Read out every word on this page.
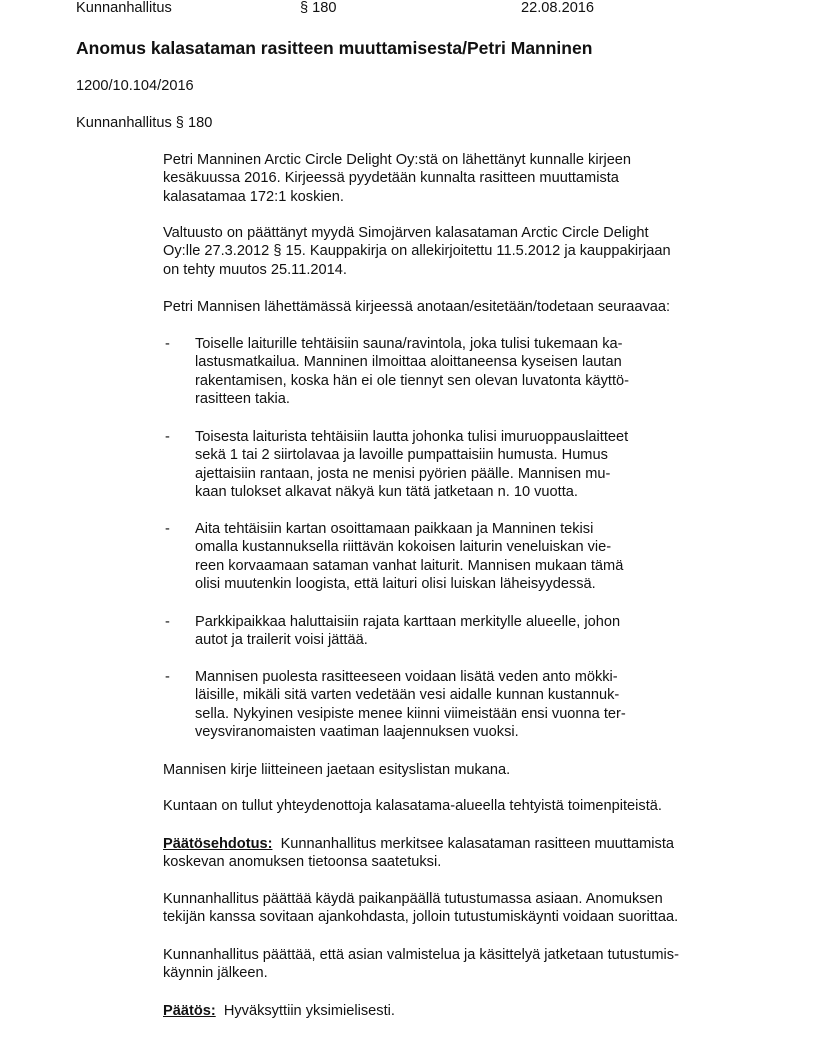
Kunnanhallitus	§ 180	22.08.2016
Anomus kalasataman rasitteen muuttamisesta/Petri Manninen
1200/10.104/2016
Kunnanhallitus § 180
Petri Manninen Arctic Circle Delight Oy:stä on lähettänyt kunnalle kirjeen
kesäkuussa 2016. Kirjeessä pyydetään kunnalta rasitteen muuttamista
kalasatamaa 172:1 koskien.
Valtuusto on päättänyt myydä Simojärven kalasataman Arctic Circle Delight
Oy:lle 27.3.2012 § 15. Kauppakirja on allekirjoitettu 11.5.2012 ja kauppakirjaan
on tehty muutos 25.11.2014.
Petri Mannisen lähettämässä kirjeessä anotaan/esitetään/todetaan seuraavaa:
- Toiselle laiturille tehtäisiin sauna/ravintola, joka tulisi tukemaan ka-
lastusmatkailua. Manninen ilmoittaa aloittaneensa kyseisen lautan
rakentamisen, koska hän ei ole tiennyt sen olevan luvatonta käyttö-
rasitteen takia.
- Toisesta laiturista tehtäisiin lautta johonka tulisi imuruoppauslaitteet
sekä 1 tai 2 siirtolavaa ja lavoille pumpattaisiin humusta. Humus
ajettaisiin rantaan, josta ne menisi pyörien päälle. Mannisen mu-
kaan tulokset alkavat näkyä kun tätä jatketaan n. 10 vuotta.
- Aita tehtäisiin kartan osoittamaan paikkaan ja Manninen tekisi
omalla kustannuksella riittävän kokoisen laiturin veneluiskan vie-
reen korvaamaan sataman vanhat laiturit. Mannisen mukaan tämä
olisi muutenkin loogista, että laituri olisi luiskan läheisyydessä.
- Parkkipaikkaa haluttaisiin rajata karttaan merkitylle alueelle, johon
autot ja trailerit voisi jättää.
- Mannisen puolesta rasitteeseen voidaan lisätä veden anto mökki-
läisille, mikäli sitä varten vedetään vesi aidalle kunnan kustannuk-
sella. Nykyinen vesipiste menee kiinni viimeistään ensi vuonna ter-
veysviranomaisten vaatiman laajennuksen vuoksi.
Mannisen kirje liitteineen jaetaan esityslistan mukana.
Kuntaan on tullut yhteydenottoja kalasatama-alueella tehtyistä toimenpiteistä.
Päätösehdotus: Kunnanhallitus merkitsee kalasataman rasitteen muuttamista
koskevan anomuksen tietoonsa saatetuksi.
Kunnanhallitus päättää käydä paikanpäällä tutustumassa asiaan. Anomuksen
tekijän kanssa sovitaan ajankohdasta, jolloin tutustumiskäynti voidaan suorittaa.
Kunnanhallitus päättää, että asian valmistelua ja käsittelyä jatketaan tutustumis-
käynnin jälkeen.
Päätös: Hyväksyttiin yksimielisesti.
